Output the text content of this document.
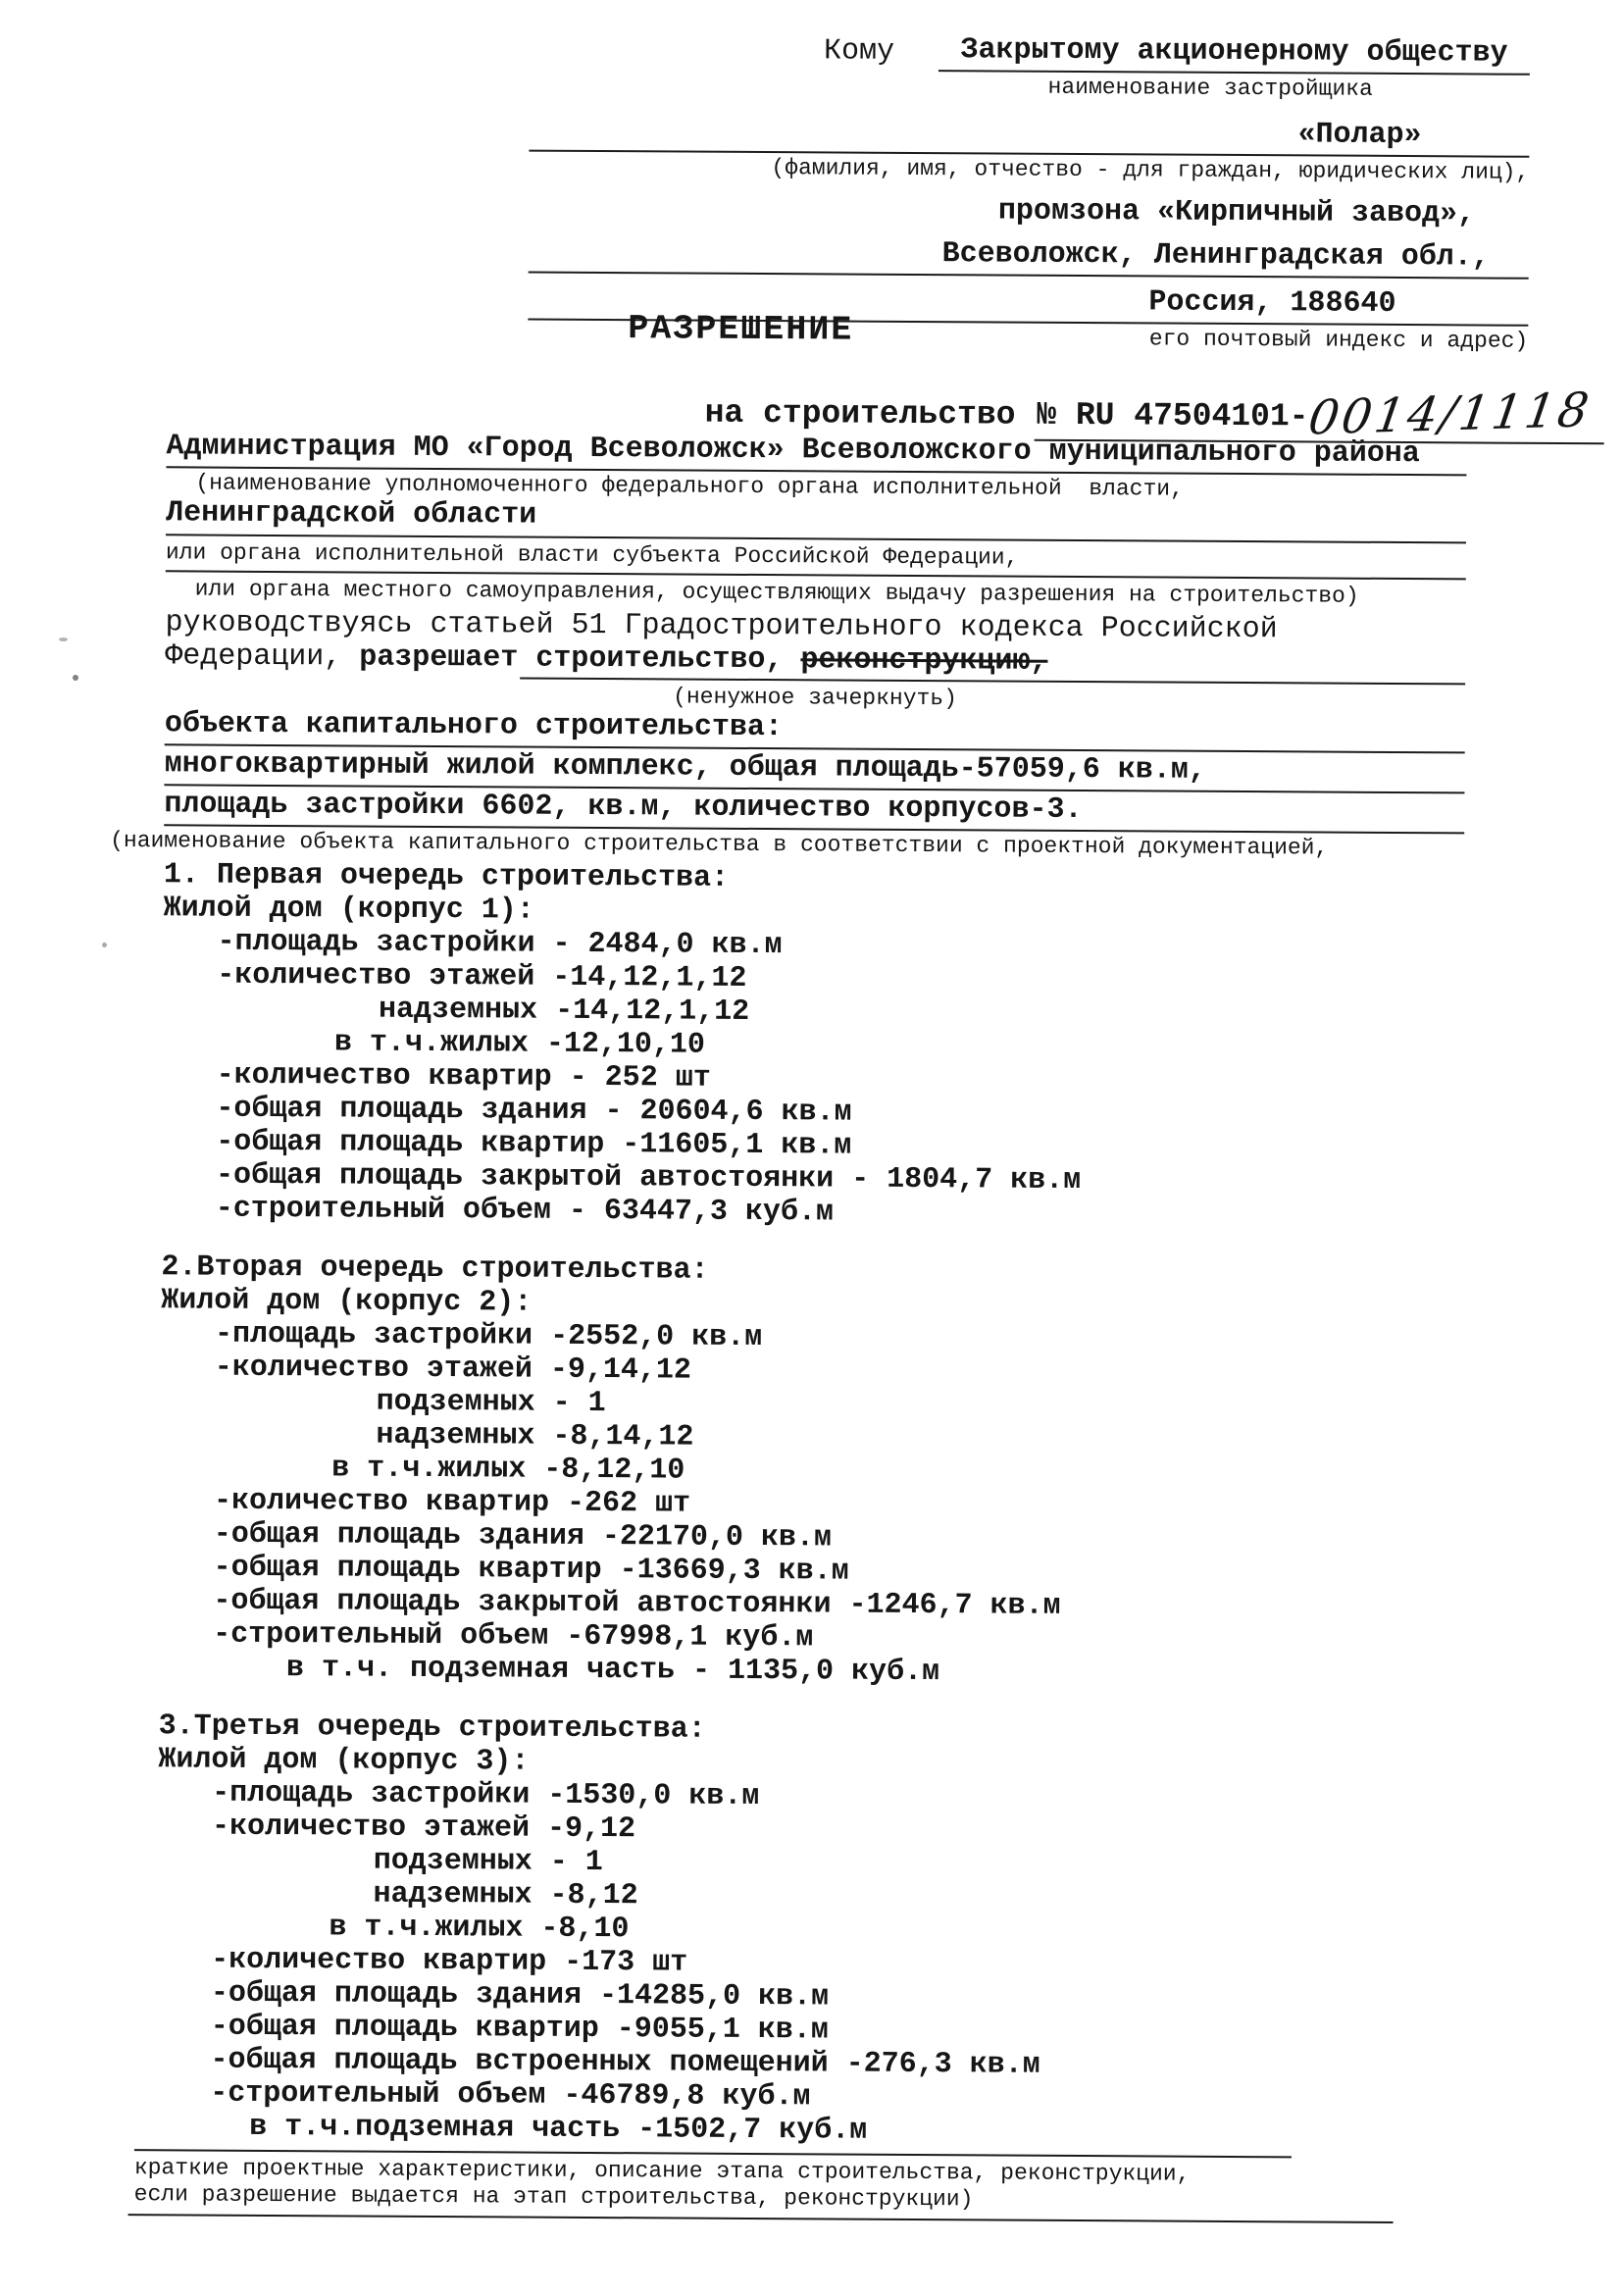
Кому	Закрытому акционерному обществу
наименование застройщика
«Полар»
(фамилия, имя, отчество - для граждан, юридических лиц),
промзона «Кирпичный завод»,
Всеволожск, Ленинградская обл.,
Россия, 188640
его почтовый индекс и адрес)
РАЗРЕШЕНИЕ

на строительство № RU 47504101-0014/1118

Администрация МО «Город Всеволожск» Всеволожского муниципального района
(наименование уполномоченного федерального органа исполнительной  власти,
Ленинградской области
или органа исполнительной власти субъекта Российской Федерации,
или органа местного самоуправления, осуществляющих выдачу разрешения на строительство)
руководствуясь статьей 51 Градостроительного кодекса Российской
Федерации, разрешает строительство, реконструкцию,
(ненужное зачеркнуть)
объекта капитального строительства:
многоквартирный жилой комплекс, общая площадь-57059,6 кв.м,
площадь застройки 6602, кв.м, количество корпусов-3.
(наименование объекта капитального строительства в соответствии с проектной документацией,
1. Первая очередь строительства:
Жилой дом (корпус 1):
-площадь застройки - 2484,0 кв.м
-количество этажей -14,12,1,12
надземных -14,12,1,12
в т.ч.жилых -12,10,10
-количество квартир - 252 шт
-общая площадь здания - 20604,6 кв.м
-общая площадь квартир -11605,1 кв.м
-общая площадь закрытой автостоянки - 1804,7 кв.м
-строительный объем - 63447,3 куб.м
2.Вторая очередь строительства:
Жилой дом (корпус 2):
-площадь застройки -2552,0 кв.м
-количество этажей -9,14,12
подземных - 1
надземных -8,14,12
в т.ч.жилых -8,12,10
-количество квартир -262 шт
-общая площадь здания -22170,0 кв.м
-общая площадь квартир -13669,3 кв.м
-общая площадь закрытой автостоянки -1246,7 кв.м
-строительный объем -67998,1 куб.м
в т.ч. подземная часть - 1135,0 куб.м
3.Третья очередь строительства:
Жилой дом (корпус 3):
-площадь застройки -1530,0 кв.м
-количество этажей -9,12
подземных - 1
надземных -8,12
в т.ч.жилых -8,10
-количество квартир -173 шт
-общая площадь здания -14285,0 кв.м
-общая площадь квартир -9055,1 кв.м
-общая площадь встроенных помещений -276,3 кв.м
-строительный объем -46789,8 куб.м
в т.ч.подземная часть -1502,7 куб.м
краткие проектные характеристики, описание этапа строительства, реконструкции,
если разрешение выдается на этап строительства, реконструкции)
